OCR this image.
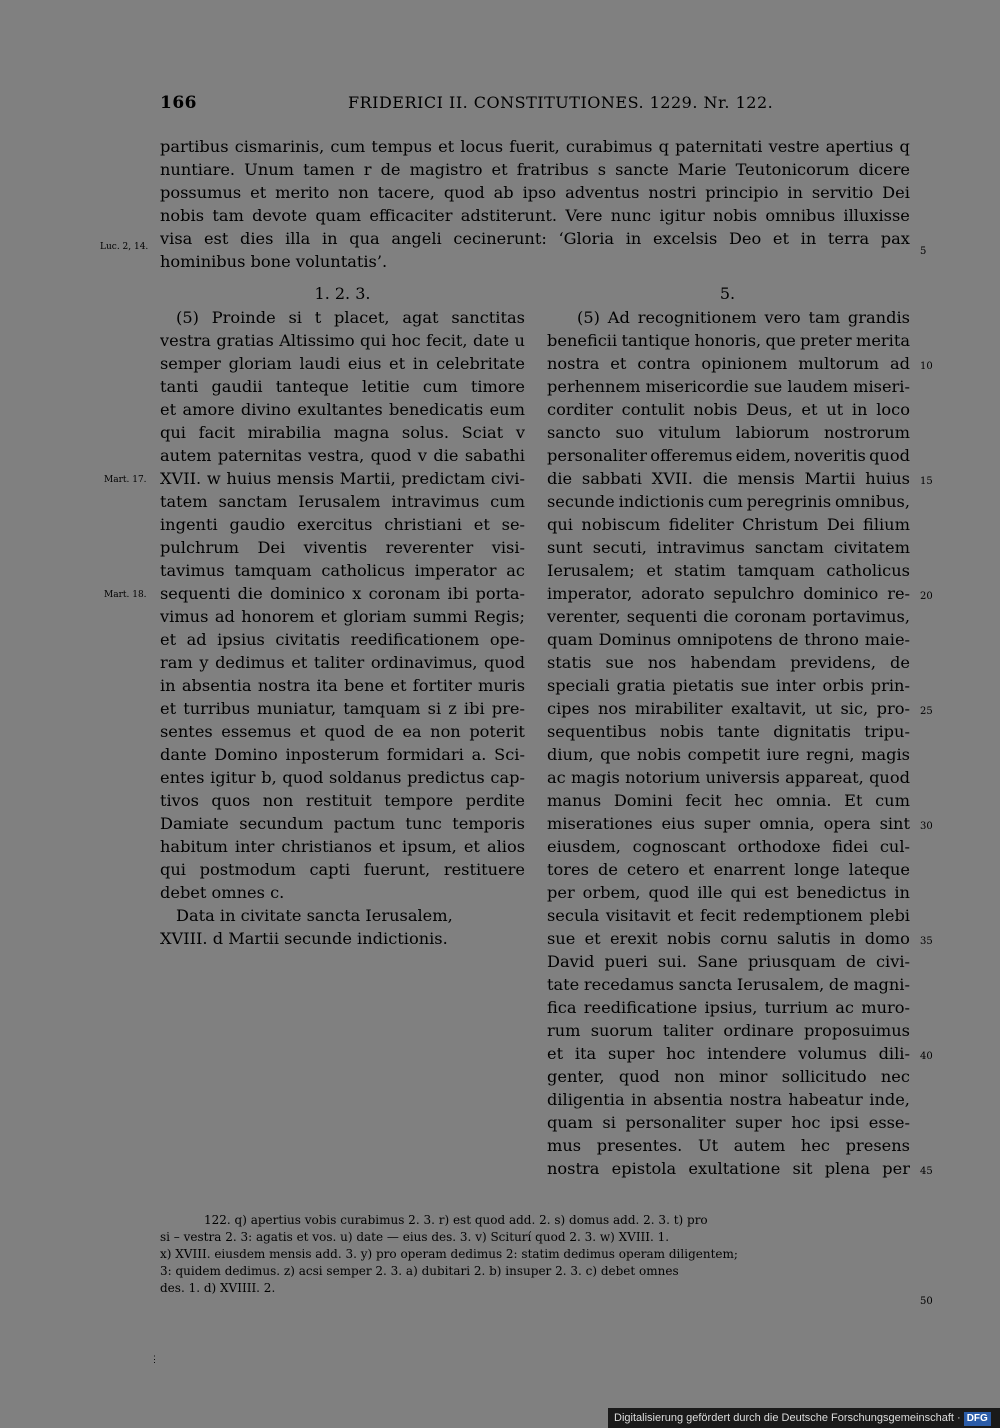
166	FRIDERICI II. CONSTITUTIONES. 1229. Nr. 122.
partibus cismarinis, cum tempus et locus fuerit, curabimus q paternitati vestre apertius q
nuntiare. Unum tamen r de magistro et fratribus s sancte Marie Teutonicorum dicere
possumus et merito non tacere, quod ab ipso adventus nostri principio in servitio Dei
nobis tam devote quam efficaciter adstiterunt. Vere nunc igitur nobis omnibus illuxisse
visa est dies illa in qua angeli cecinerunt: ‘Gloria in excelsis Deo et in terra pax
hominibus bone voluntatis’.
1. 2. 3.	5.
(5) Proinde si t placet, agat sanctitas
vestra gratias Altissimo qui hoc fecit, date u
semper gloriam laudi eius et in celebritate
tanti gaudii tanteque letitie cum timore
et amore divino exultantes benedicatis eum
qui facit mirabilia magna solus. Sciat v
autem paternitas vestra, quod v die sabathi
XVII. w huius mensis Martii, predictam civi-
tatem sanctam Ierusalem intravimus cum
ingenti gaudio exercitus christiani et se-
pulchrum Dei viventis reverenter visi-
tavimus tamquam catholicus imperator ac
sequenti die dominico x coronam ibi porta-
vimus ad honorem et gloriam summi Regis;
et ad ipsius civitatis reedificationem ope-
ram y dedimus et taliter ordinavimus, quod
in absentia nostra ita bene et fortiter muris
et turribus muniatur, tamquam si z ibi pre-
sentes essemus et quod de ea non poterit
dante Domino inposterum formidari a. Sci-
entes igitur b, quod soldanus predictus cap-
tivos quos non restituit tempore perdite
Damiate secundum pactum tunc temporis
habitum inter christianos et ipsum, et alios
qui postmodum capti fuerunt, restituere
debet omnes c.
Data in civitate sancta Ierusalem,
XVIII. d Martii secunde indictionis.
(5) Ad recognitionem vero tam grandis
beneficii tantique honoris, que preter merita
nostra et contra opinionem multorum ad
perhennem misericordie sue laudem miseri-
corditer contulit nobis Deus, et ut in loco
sancto suo vitulum labiorum nostrorum
personaliter offeremus eidem, noveritis quod
die sabbati XVII. die mensis Martii huius
secunde indictionis cum peregrinis omnibus,
qui nobiscum fideliter Christum Dei filium
sunt secuti, intravimus sanctam civitatem
Ierusalem; et statim tamquam catholicus
imperator, adorato sepulchro dominico re-
verenter, sequenti die coronam portavimus,
quam Dominus omnipotens de throno maie-
statis sue nos habendam previdens, de
speciali gratia pietatis sue inter orbis prin-
cipes nos mirabiliter exaltavit, ut sic, pro-
sequentibus nobis tante dignitatis tripu-
dium, que nobis competit iure regni, magis
ac magis notorium universis appareat, quod
manus Domini fecit hec omnia. Et cum
miserationes eius super omnia, opera sint
eiusdem, cognoscant orthodoxe fidei cul-
tores de cetero et enarrent longe lateque
per orbem, quod ille qui est benedictus in
secula visitavit et fecit redemptionem plebi
sue et erexit nobis cornu salutis in domo
David pueri sui. Sane priusquam de civi-
tate recedamus sancta Ierusalem, de magni-
fica reedificatione ipsius, turrium ac muro-
rum suorum taliter ordinare proposuimus
et ita super hoc intendere volumus dili-
genter, quod non minor sollicitudo nec
diligentia in absentia nostra habeatur inde,
quam si personaliter super hoc ipsi esse-
mus presentes. Ut autem hec presens
nostra epistola exultatione sit plena per
Luc. 2, 14.
Mart. 17.
Mart. 18.
5
10
15
20
25
30
35
40
45
50
122. q) apertius vobis curabimus 2. 3. r) est quod add. 2. s) domus add. 2. 3. t) pro
si – vestra 2. 3: agatis et vos. u) date — eius des. 3. v) Sciturí quod 2. 3. w) XVIII. 1.
x) XVIII. eiusdem mensis add. 3. y) pro operam dedimus 2: statim dedimus operam diligentem;
3: quidem dedimus. z) acsi semper 2. 3. a) dubitari 2. b) insuper 2. 3. c) debet omnes
des. 1. d) XVIIII. 2.
⋮
Digitalisierung gefördert durch die Deutsche Forschungsgemeinschaft · DFG
